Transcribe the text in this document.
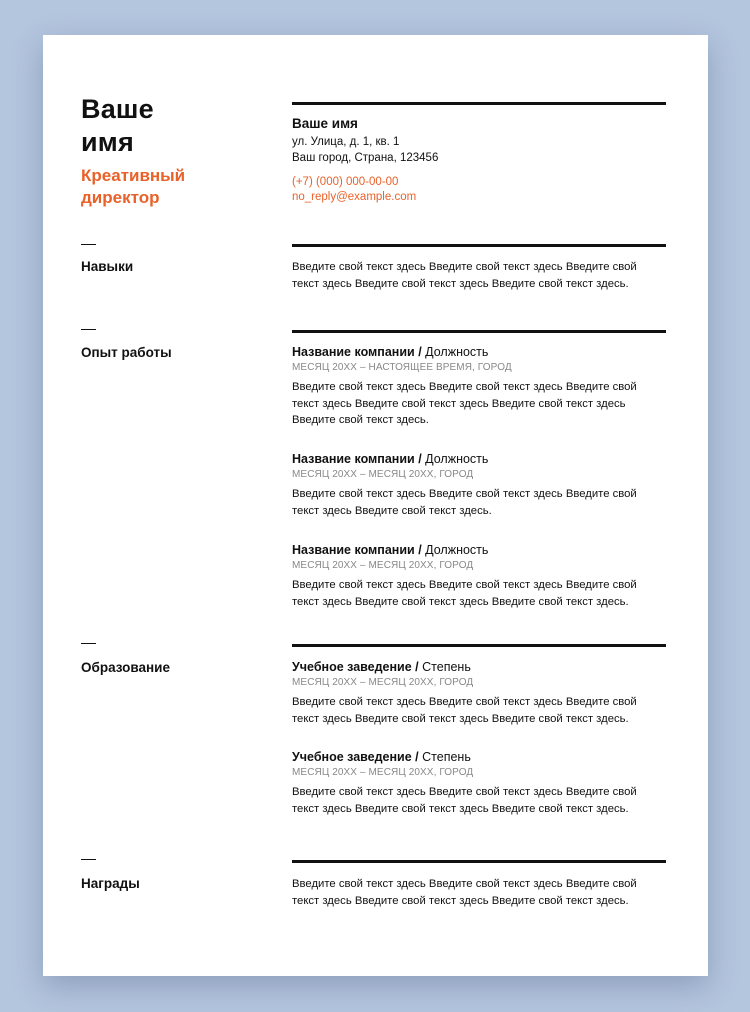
Ваше
имя
Креативный
директор
Ваше имя
ул. Улица, д. 1, кв. 1
Ваш город, Страна, 123456
(+7) (000) 000-00-00
no_reply@example.com
Навыки	Введите свой текст здесь Введите свой текст здесь Введите свой текст здесь Введите свой текст здесь Введите свой текст здесь.
Опыт работы	Название компании / Должность
МЕСЯЦ 20ХХ – НАСТОЯЩЕЕ ВРЕМЯ, ГОРОД
Введите свой текст здесь Введите свой текст здесь Введите свой текст здесь Введите свой текст здесь Введите свой текст здесь Введите свой текст здесь.
Название компании / Должность
МЕСЯЦ 20ХХ – МЕСЯЦ 20ХХ, ГОРОД
Введите свой текст здесь Введите свой текст здесь Введите свой текст здесь Введите свой текст здесь.
Название компании / Должность
МЕСЯЦ 20ХХ – МЕСЯЦ 20ХХ, ГОРОД
Введите свой текст здесь Введите свой текст здесь Введите свой текст здесь Введите свой текст здесь Введите свой текст здесь.
Образование	Учебное заведение / Степень
МЕСЯЦ 20ХХ – МЕСЯЦ 20ХХ, ГОРОД
Введите свой текст здесь Введите свой текст здесь Введите свой текст здесь Введите свой текст здесь Введите свой текст здесь.
Учебное заведение / Степень
МЕСЯЦ 20ХХ – МЕСЯЦ 20ХХ, ГОРОД
Введите свой текст здесь Введите свой текст здесь Введите свой текст здесь Введите свой текст здесь Введите свой текст здесь.
Награды	Введите свой текст здесь Введите свой текст здесь Введите свой текст здесь Введите свой текст здесь Введите свой текст здесь.
